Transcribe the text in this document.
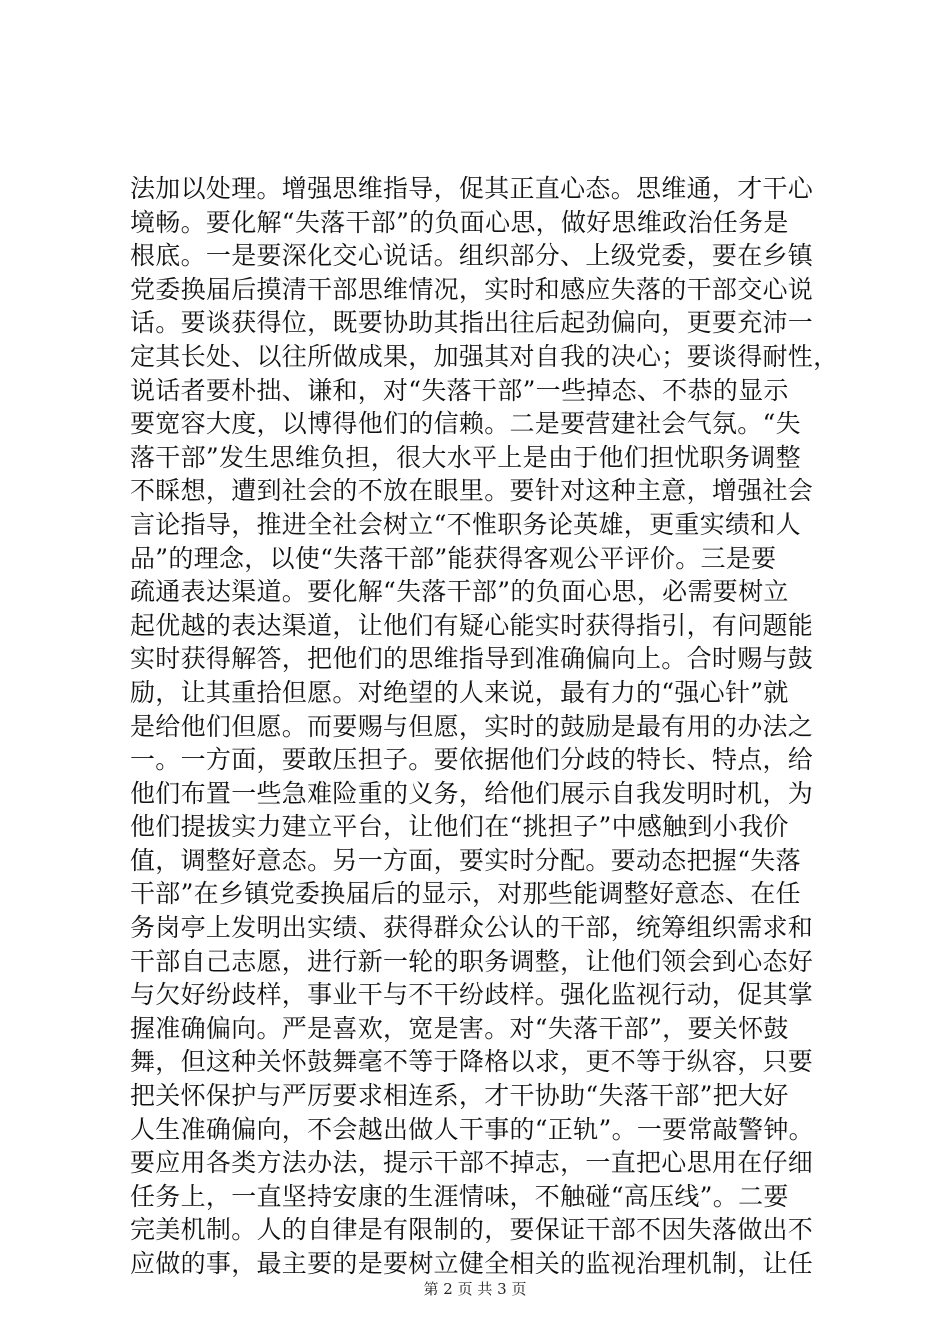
法加以处理。增强思维指导，促其正直心态。思维通，才干心
境畅。要化解“失落干部”的负面心思，做好思维政治任务是
根底。一是要深化交心说话。组织部分、上级党委，要在乡镇
党委换届后摸清干部思维情况，实时和感应失落的干部交心说
话。要谈获得位，既要协助其指出往后起劲偏向，更要充沛一
定其长处、以往所做成果，加强其对自我的决心；要谈得耐性，
说话者要朴拙、谦和，对“失落干部”一些掉态、不恭的显示
要宽容大度，以博得他们的信赖。二是要营建社会气氛。“失
落干部”发生思维负担，很大水平上是由于他们担忧职务调整
不睬想，遭到社会的不放在眼里。要针对这种主意，增强社会
言论指导，推进全社会树立“不惟职务论英雄，更重实绩和人
品”的理念，以使“失落干部”能获得客观公平评价。三是要
疏通表达渠道。要化解“失落干部”的负面心思，必需要树立
起优越的表达渠道，让他们有疑心能实时获得指引，有问题能
实时获得解答，把他们的思维指导到准确偏向上。合时赐与鼓
励，让其重拾但愿。对绝望的人来说，最有力的“强心针”就
是给他们但愿。而要赐与但愿，实时的鼓励是最有用的办法之
一。一方面，要敢压担子。要依据他们分歧的特长、特点，给
他们布置一些急难险重的义务，给他们展示自我发明时机，为
他们提拔实力建立平台，让他们在“挑担子”中感触到小我价
值，调整好意态。另一方面，要实时分配。要动态把握“失落
干部”在乡镇党委换届后的显示，对那些能调整好意态、在任
务岗亭上发明出实绩、获得群众公认的干部，统筹组织需求和
干部自己志愿，进行新一轮的职务调整，让他们领会到心态好
与欠好纷歧样，事业干与不干纷歧样。强化监视行动，促其掌
握准确偏向。严是喜欢，宽是害。对“失落干部”，要关怀鼓
舞，但这种关怀鼓舞毫不等于降格以求，更不等于纵容，只要
把关怀保护与严厉要求相连系，才干协助“失落干部”把大好
人生准确偏向，不会越出做人干事的“正轨”。一要常敲警钟。
要应用各类方法办法，提示干部不掉志，一直把心思用在仔细
任务上，一直坚持安康的生涯情味，不触碰“高压线”。二要
完美机制。人的自律是有限制的，要保证干部不因失落做出不
应做的事，最主要的是要树立健全相关的监视治理机制，让任
第 2 页 共 3 页
